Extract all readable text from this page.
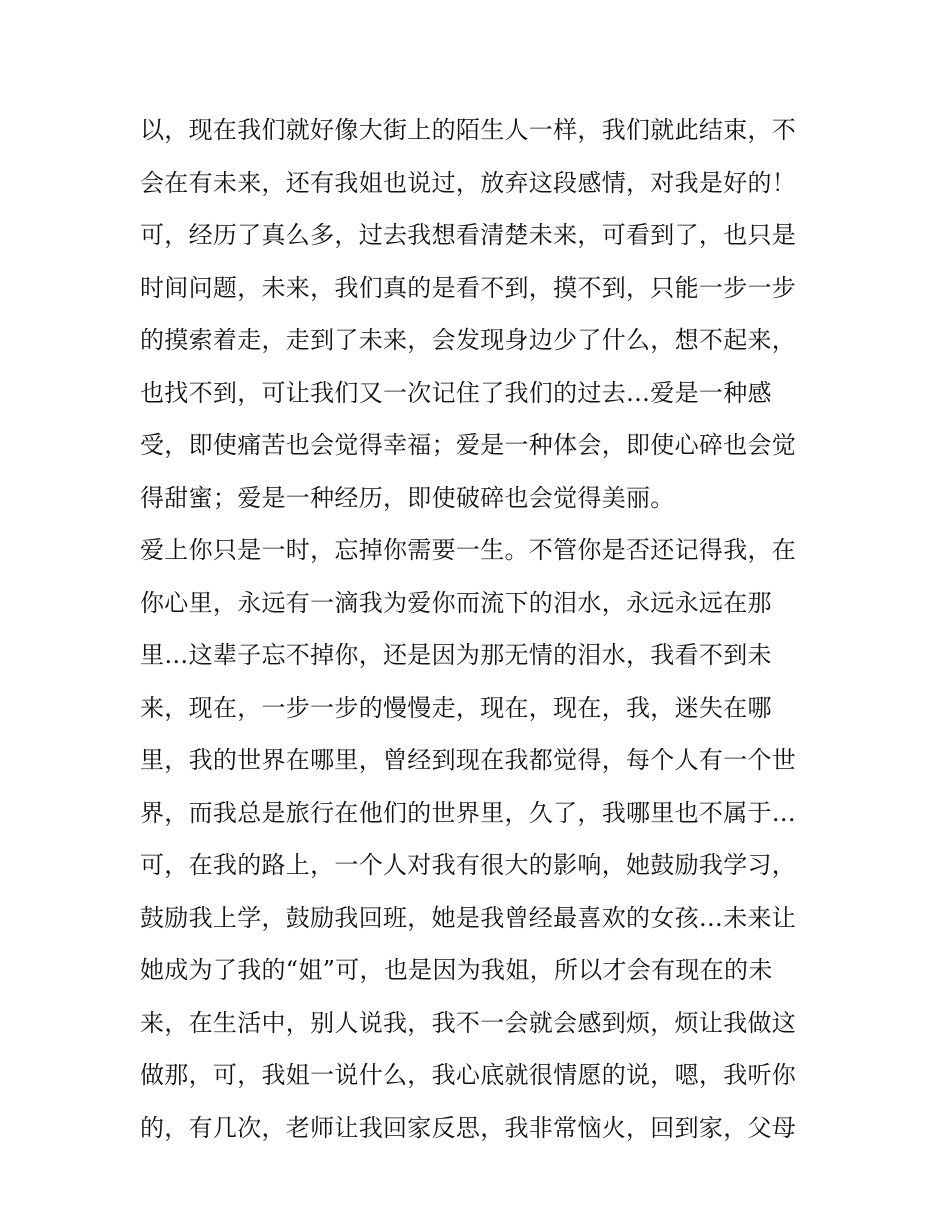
以，现在我们就好像大街上的陌生人一样，我们就此结束，不
会在有未来，还有我姐也说过，放弃这段感情，对我是好的！
可，经历了真么多，过去我想看清楚未来，可看到了，也只是
时间问题，未来，我们真的是看不到，摸不到，只能一步一步
的摸索着走，走到了未来，会发现身边少了什么，想不起来，
也找不到，可让我们又一次记住了我们的过去…爱是一种感
受，即使痛苦也会觉得幸福；爱是一种体会，即使心碎也会觉
得甜蜜；爱是一种经历，即使破碎也会觉得美丽。
爱上你只是一时，忘掉你需要一生。不管你是否还记得我，在
你心里，永远有一滴我为爱你而流下的泪水，永远永远在那
里…这辈子忘不掉你，还是因为那无情的泪水，我看不到未
来，现在，一步一步的慢慢走，现在，现在，我，迷失在哪
里，我的世界在哪里，曾经到现在我都觉得，每个人有一个世
界，而我总是旅行在他们的世界里，久了，我哪里也不属于…
可，在我的路上，一个人对我有很大的影响，她鼓励我学习，
鼓励我上学，鼓励我回班，她是我曾经最喜欢的女孩…未来让
她成为了我的“姐”可，也是因为我姐，所以才会有现在的未
来，在生活中，别人说我，我不一会就会感到烦，烦让我做这
做那，可，我姐一说什么，我心底就很情愿的说，嗯，我听你
的，有几次，老师让我回家反思，我非常恼火，回到家，父母
